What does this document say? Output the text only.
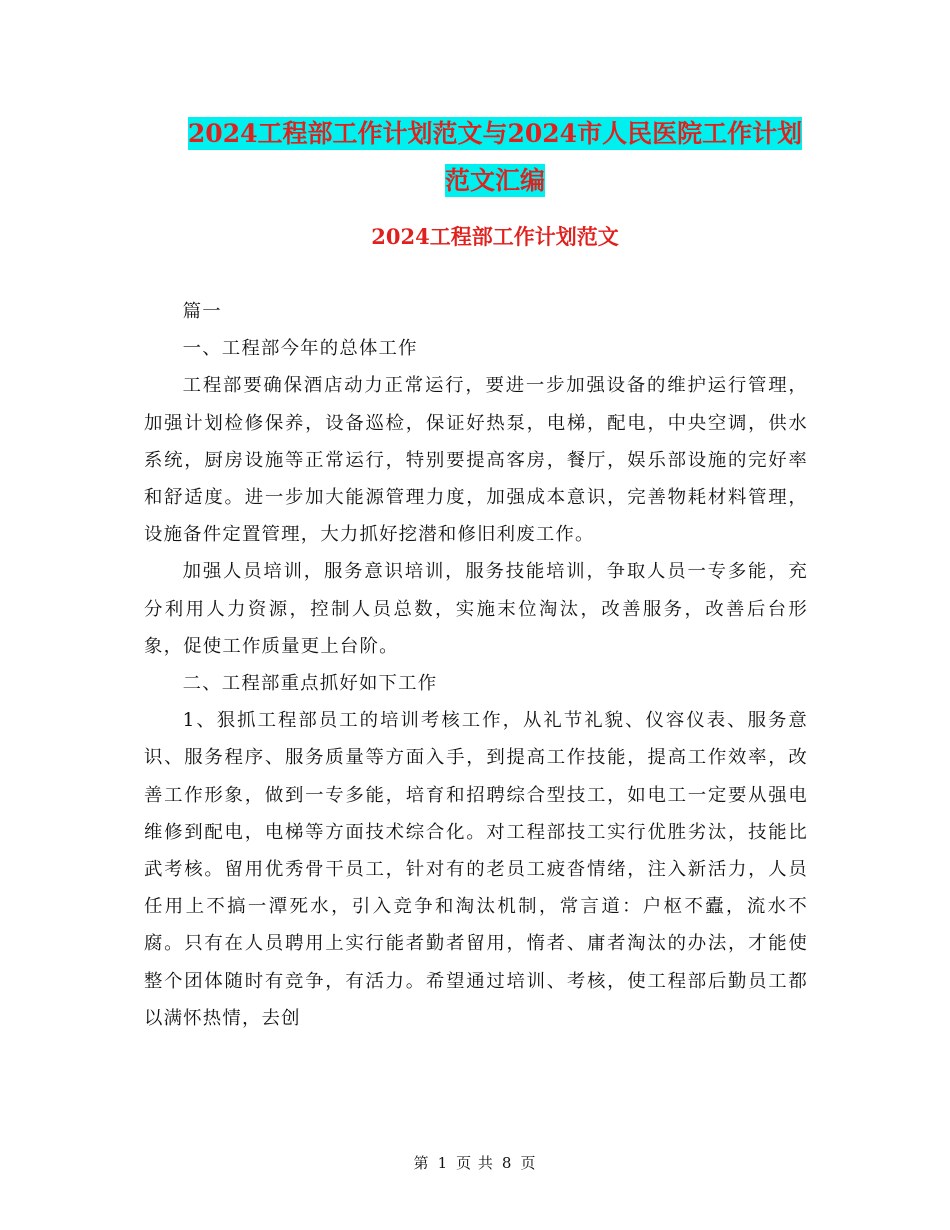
2024工程部工作计划范文与2024市人民医院工作计划
范文汇编
2024工程部工作计划范文

篇一

一、工程部今年的总体工作

工程部要确保酒店动力正常运行，要进一步加强设备的维护运行管理，加强计划检修保养，设备巡检，保证好热泵，电梯，配电，中央空调，供水系统，厨房设施等正常运行，特别要提高客房，餐厅，娱乐部设施的完好率和舒适度。进一步加大能源管理力度，加强成本意识，完善物耗材料管理，设施备件定置管理，大力抓好挖潜和修旧利废工作。

加强人员培训，服务意识培训，服务技能培训，争取人员一专多能，充分利用人力资源，控制人员总数，实施末位淘汰，改善服务，改善后台形象，促使工作质量更上台阶。

二、工程部重点抓好如下工作

1、狠抓工程部员工的培训考核工作，从礼节礼貌、仪容仪表、服务意识、服务程序、服务质量等方面入手，到提高工作技能，提高工作效率，改善工作形象，做到一专多能，培育和招聘综合型技工，如电工一定要从强电维修到配电，电梯等方面技术综合化。对工程部技工实行优胜劣汰，技能比武考核。留用优秀骨干员工，针对有的老员工疲沓情绪，注入新活力，人员任用上不搞一潭死水，引入竞争和淘汰机制，常言道：户枢不蠹，流水不腐。只有在人员聘用上实行能者勤者留用，惰者、庸者淘汰的办法，才能使整个团体随时有竞争，有活力。希望通过培训、考核，使工程部后勤员工都以满怀热情，去创

第 1 页 共 8 页
